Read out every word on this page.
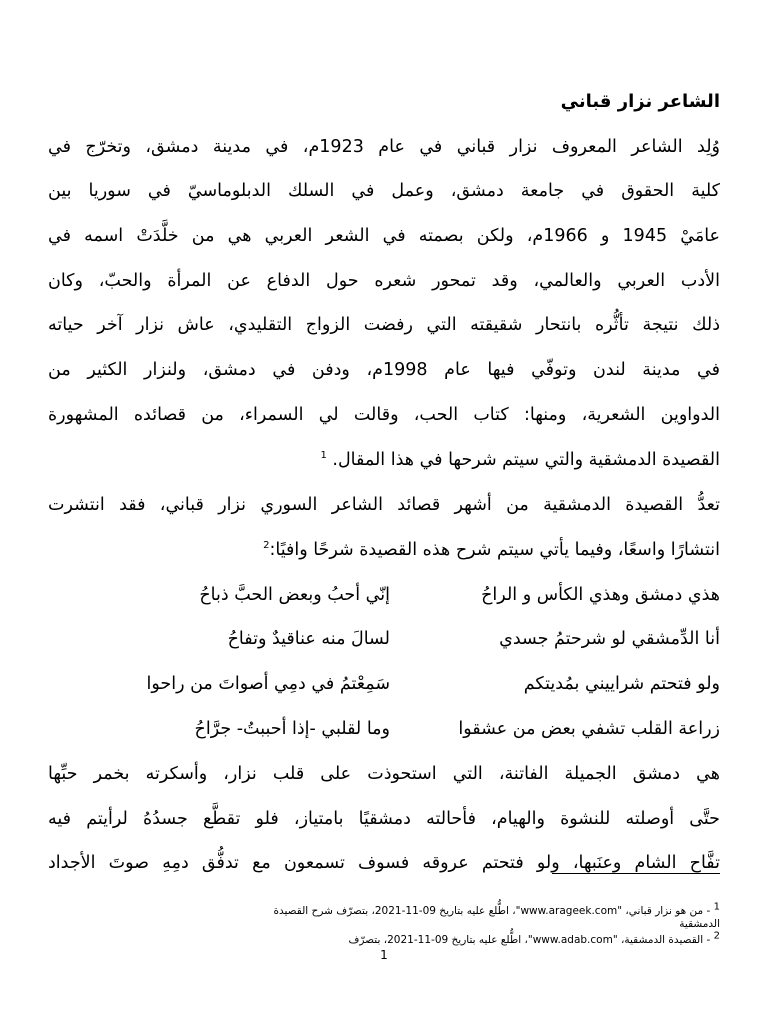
الشاعر نزار قباني
وُلِد الشاعر المعروف نزار قباني في عام 1923م، في مدينة دمشق، وتخرّج في
كلية الحقوق في جامعة دمشق، وعمل في السلك الدبلوماسيّ في سوريا بين
عامَيْ 1945 و 1966م، ولكن بصمته في الشعر العربي هي من خلَّدَتْ اسمه في
الأدب العربي والعالمي، وقد تمحور شعره حول الدفاع عن المرأة والحبّ، وكان
ذلك نتيجة تأثُّره بانتحار شقيقته التي رفضت الزواج التقليدي، عاش نزار آخر حياته
في مدينة لندن وتوفّي فيها عام 1998م، ودفن في دمشق، ولنزار الكثير من
الدواوين الشعرية، ومنها: كتاب الحب، وقالت لي السمراء، من قصائده المشهورة
القصيدة الدمشقية والتي سيتم شرحها في هذا المقال. $^1$
تعدُّ القصيدة الدمشقية من أشهر قصائد الشاعر السوري نزار قباني، فقد انتشرت
انتشارًا واسعًا، وفيما يأتي سيتم شرح هذه القصيدة شرحًا وافيًا:$^2$
هذي دمشق وهذي الكأس و الراحُ
إنّي أحبُ وبعض الحبَّ ذباحُ
أنا الدِّمشقي لو شرحتمُ جسدي
لسالَ منه عناقيدٌ وتفاحُ
ولو فتحتم شراييني بمُديتكم
سَمِعْتمُ في دمِي أصواتَ من راحوا
زراعة القلب تشفي بعض من عشقوا
وما لقلبي -إذا أحببتُ- جرَّاحُ
هي دمشق الجميلة الفاتنة، التي استحوذت على قلب نزار، وأسكرته بخمر حبِّها
حتَّى أوصلته للنشوة والهيام، فأحالته دمشقيًا بامتياز، فلو تقطَّع جسدُهُ لرأيتم فيه
تفَّاح الشام وعنَبها، ولو فتحتم عروقه فسوف تسمعون مع تدفُّق دمِهِ صوتَ الأجداد
1 - من هو نزار قباني، "www.arageek.com"، اطُّلع عليه بتاريخ 09-11-2021، بتصرّف شرح القصيدة الدمشقية
2 - القصيدة الدمشقية، "www.adab.com"، اطُّلع عليه بتاريخ 09-11-2021، بتصرّف
1
